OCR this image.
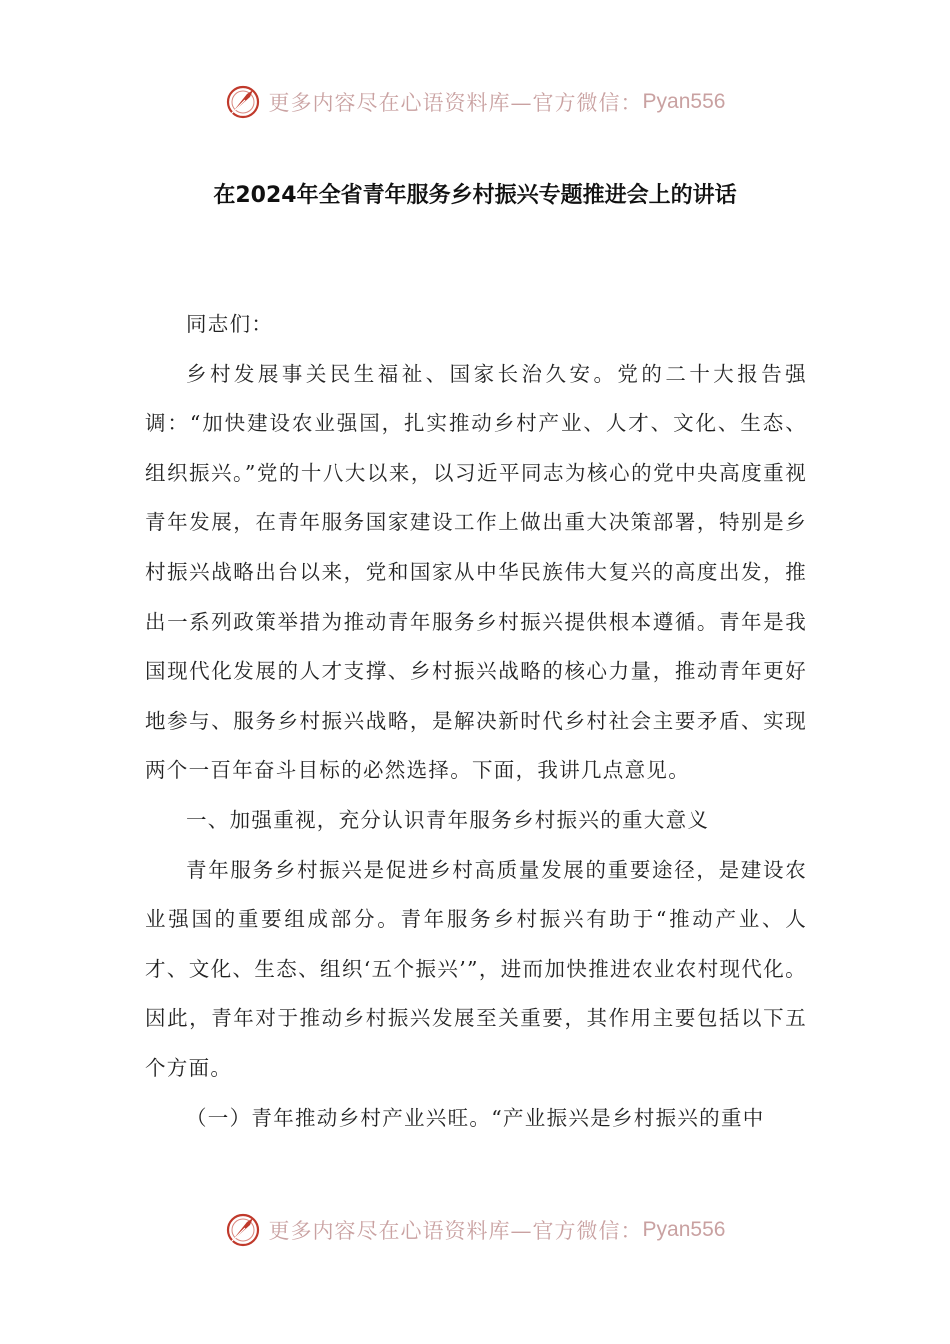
更多内容尽在心语资料库—官方微信： Pyan556
在2024年全省青年服务乡村振兴专题推进会上的讲话

同志们：

乡村发展事关民生福祉、国家长治久安。党的二十大报告强调：“加快建设农业强国，扎实推动乡村产业、人才、文化、生态、组织振兴。”党的十八大以来，以习近平同志为核心的党中央高度重视青年发展，在青年服务国家建设工作上做出重大决策部署，特别是乡村振兴战略出台以来，党和国家从中华民族伟大复兴的高度出发，推出一系列政策举措为推动青年服务乡村振兴提供根本遵循。青年是我国现代化发展的人才支撑、乡村振兴战略的核心力量，推动青年更好地参与、服务乡村振兴战略，是解决新时代乡村社会主要矛盾、实现两个一百年奋斗目标的必然选择。下面，我讲几点意见。

一、加强重视，充分认识青年服务乡村振兴的重大意义

青年服务乡村振兴是促进乡村高质量发展的重要途径，是建设农业强国的重要组成部分。青年服务乡村振兴有助于“推动产业、人才、文化、生态、组织‘五个振兴’”，进而加快推进农业农村现代化。因此，青年对于推动乡村振兴发展至关重要，其作用主要包括以下五个方面。

（一）青年推动乡村产业兴旺。“产业振兴是乡村振兴的重中

更多内容尽在心语资料库—官方微信： Pyan556
